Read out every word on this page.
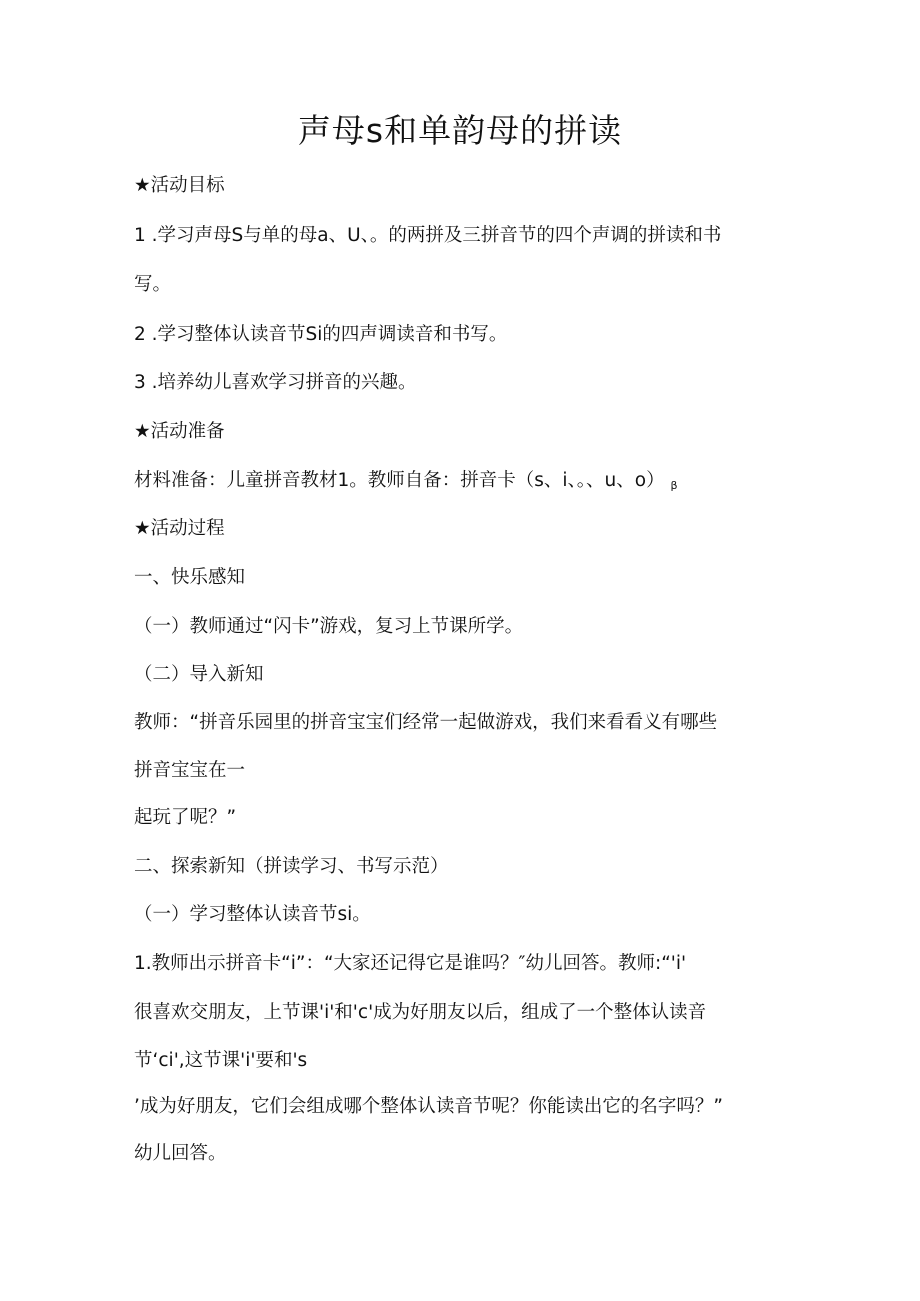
声母s和单韵母的拼读
★活动目标
1 .学习声母S与单的母a、U、。的两拼及三拼音节的四个声调的拼读和书
写。
2 .学习整体认读音节Si的四声调读音和书写。
3 .培养幼儿喜欢学习拼音的兴趣。
★活动准备
材料准备：儿童拼音教材1。教师自备：拼音卡（s、i、。、u、o） β
★活动过程
一、快乐感知
（一）教师通过“闪卡”游戏，复习上节课所学。
（二）导入新知
教师：“拼音乐园里的拼音宝宝们经常一起做游戏，我们来看看义有哪些
拼音宝宝在一
起玩了呢？”
二、探索新知（拼读学习、书写示范）
（一）学习整体认读音节si。
1.教师出示拼音卡“i”：“大家还记得它是谁吗？″幼儿回答。教师:“'i'
很喜欢交朋友，上节课'i'和'c'成为好朋友以后，组成了一个整体认读音
节‘ci',这节课'i'要和's
’成为好朋友，它们会组成哪个整体认读音节呢？你能读出它的名字吗？”
幼儿回答。
